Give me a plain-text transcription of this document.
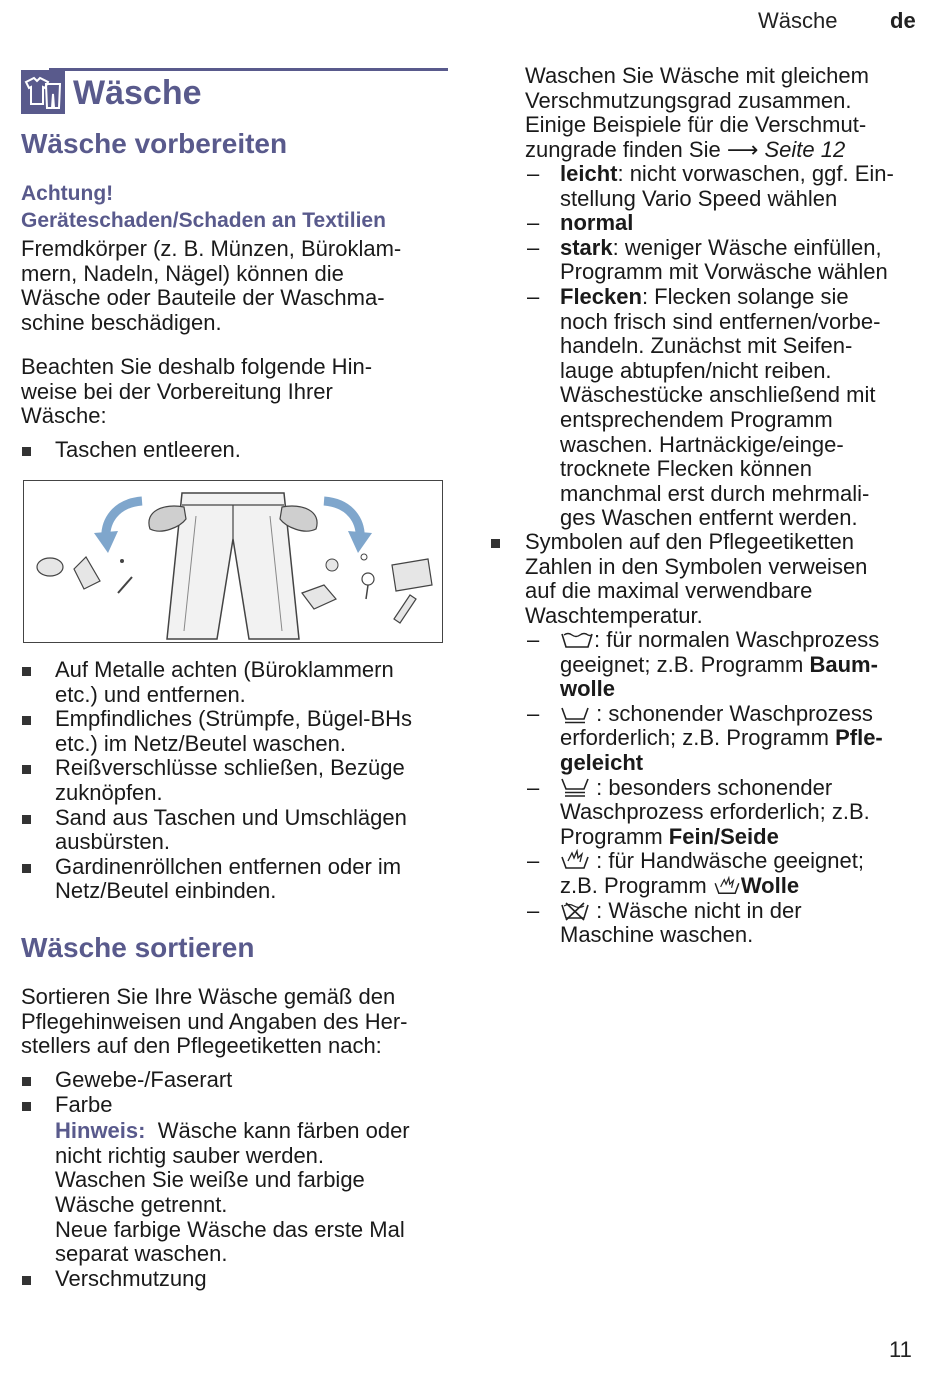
Wäsche de
Wäsche
Wäsche vorbereiten
Achtung!
Geräteschaden/Schaden an Textilien

Fremdkörper (z. B. Münzen, Büroklam-

mern, Nadeln, Nägel) können die

Wäsche oder Bauteile der Waschma-

schine beschädigen.

Beachten Sie deshalb folgende Hin-

weise bei der Vorbereitung Ihrer

Wäsche:

Taschen entleeren.
Auf Metalle achten (Büroklammern
etc.) und entfernen.
Empfindliches (Strümpfe, Bügel-BHs
etc.) im Netz/Beutel waschen.
Reißverschlüsse schließen, Bezüge
zuknöpfen.
Sand aus Taschen und Umschlägen
ausbürsten.
Gardinenröllchen entfernen oder im
Netz/Beutel einbinden.
Wäsche sortieren

Sortieren Sie Ihre Wäsche gemäß den

Pflegehinweisen und Angaben des Her-

stellers auf den Pflegeetiketten nach:

Gewebe-/Faserart
Farbe
Hinweis: Wäsche kann färben oder
nicht richtig sauber werden.
Waschen Sie weiße und farbige
Wäsche getrennt.
Neue farbige Wäsche das erste Mal
separat waschen.
Verschmutzung
Waschen Sie Wäsche mit gleichem
Verschmutzungsgrad zusammen.
Einige Beispiele für die Verschmut-
zungrade finden Sie ⟶ Seite 12
– leicht: nicht vorwaschen, ggf. Ein-
stellung Vario Speed wählen
– normal
– stark: weniger Wäsche einfüllen,
Programm mit Vorwäsche wählen
– Flecken: Flecken solange sie
noch frisch sind entfernen/vorbe-
handeln. Zunächst mit Seifen-
lauge abtupfen/nicht reiben.
Wäschestücke anschließend mit
entsprechendem Programm
waschen. Hartnäckige/einge-
trocknete Flecken können
manchmal erst durch mehrmali-
ges Waschen entfernt werden.
Symbolen auf den Pflegeetiketten
Zahlen in den Symbolen verweisen
auf die maximal verwendbare
Waschtemperatur.
– : für normalen Waschprozess
geeignet; z.B. Programm Baum-
wolle
– : schonender Waschprozess
erforderlich; z.B. Programm Pfle-
geleicht
– : besonders schonender
Waschprozess erforderlich; z.B.
Programm Fein/Seide
– : für Handwäsche geeignet;
z.B. Programm Wolle
– : Wäsche nicht in der
Maschine waschen.
11
